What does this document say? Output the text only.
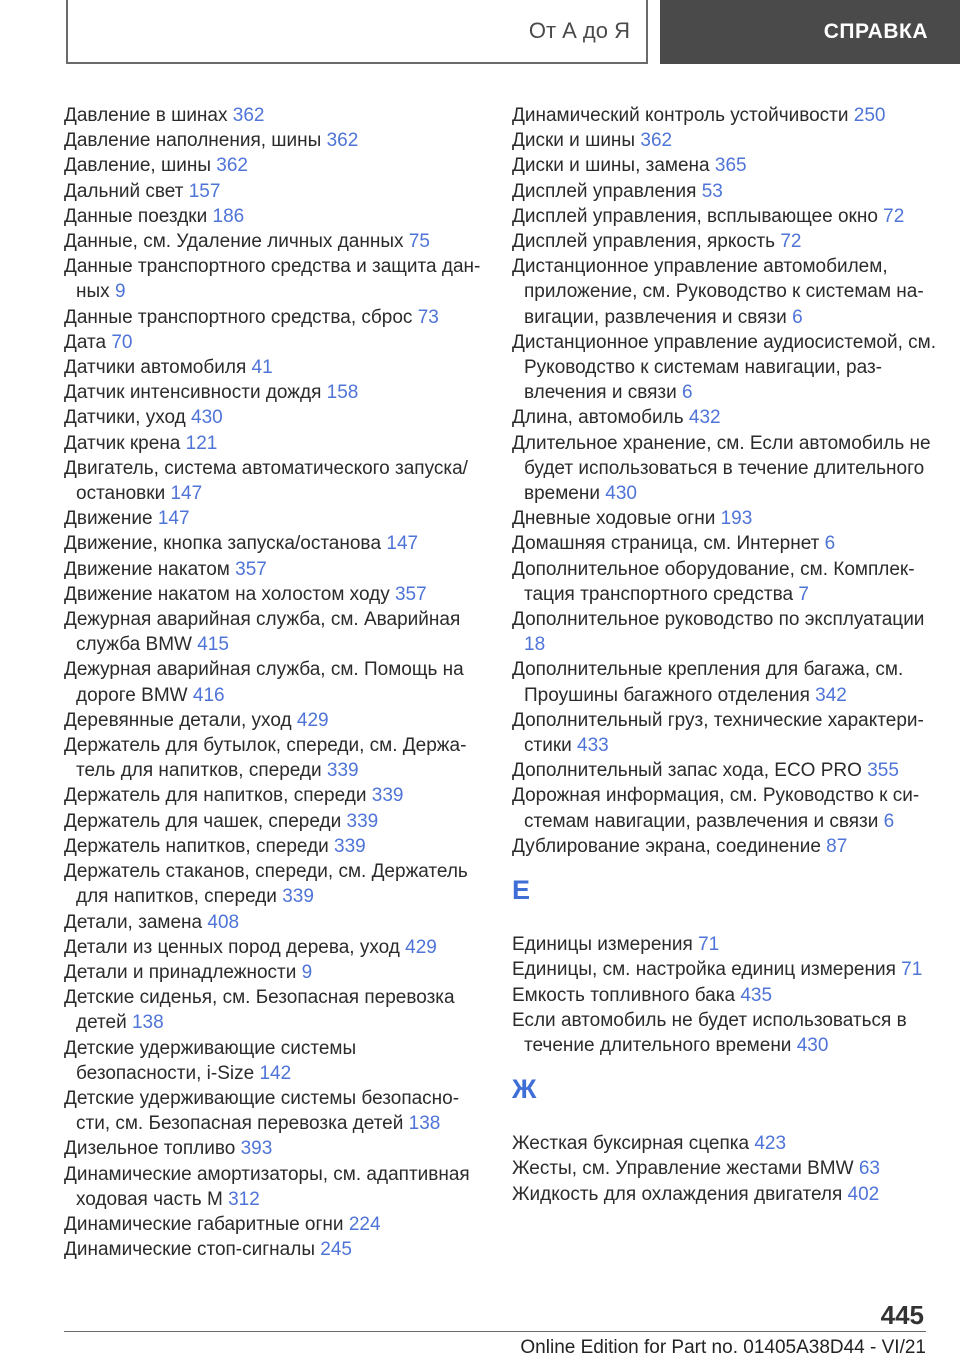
От А до Я	СПРАВКА
Давление в шинах 362
Давление наполнения, шины 362
Давление, шины 362
Дальний свет 157
Данные поездки 186
Данные, см. Удаление личных данных 75
Данные транспортного средства и защита дан‐ных 9
Данные транспортного средства, сброс 73
Дата 70
Датчики автомобиля 41
Датчик интенсивности дождя 158
Датчики, уход 430
Датчик крена 121
Двигатель, система автоматического запуска/остановки 147
Движение 147
Движение, кнопка запуска/остановa 147
Движение накатом 357
Движение накатом на холостом ходу 357
Дежурная аварийная служба, см. Аварийная служба BMW 415
Дежурная аварийная служба, см. Помощь на дороге BMW 416
Деревянные детали, уход 429
Держатель для бутылок, спереди, см. Держа‐тель для напитков, спереди 339
Держатель для напитков, спереди 339
Держатель для чашек, спереди 339
Держатель напитков, спереди 339
Держатель стаканов, спереди, см. Держатель для напитков, спереди 339
Детали, замена 408
Детали из ценных пород дерева, уход 429
Детали и принадлежности 9
Детские сиденья, см. Безопасная перевозка детей 138
Детские удерживающие системы безопасности, i-Size 142
Детские удерживающие системы безопасно‐сти, см. Безопасная перевозка детей 138
Дизельное топливо 393
Динамические амортизаторы, см. адаптивная ходовая часть M 312
Динамические габаритные огни 224
Динамические стоп-сигналы 245
Динамический контроль устойчивости 250
Диски и шины 362
Диски и шины, замена 365
Дисплей управления 53
Дисплей управления, всплывающее окно 72
Дисплей управления, яркость 72
Дистанционное управление автомобилем, приложение, см. Руководство к системам на‐вигации, развлечения и связи 6
Дистанционное управление аудиосистемой, см. Руководство к системам навигации, раз‐влечения и связи 6
Длина, автомобиль 432
Длительное хранение, см. Если автомобиль не будет использоваться в течение длительного времени 430
Дневные ходовые огни 193
Домашняя страница, см. Интернет 6
Дополнительное оборудование, см. Комплек‐тация транспортного средства 7
Дополнительное руководство по эксплуатации 18
Дополнительные крепления для багажа, см. Проушины багажного отделения 342
Дополнительный груз, технические характери‐стики 433
Дополнительный запас хода, ECO PRO 355
Дорожная информация, см. Руководство к си‐стемам навигации, развлечения и связи 6
Дублирование экрана, соединение 87
Е
Единицы измерения 71
Единицы, см. настройка единиц измерения 71
Емкость топливного бака 435
Если автомобиль не будет использоваться в течение длительного времени 430
Ж
Жесткая буксирная сцепка 423
Жесты, см. Управление жестами BMW 63
Жидкость для охлаждения двигателя 402
445
Online Edition for Part no. 01405A38D44 - VI/21
